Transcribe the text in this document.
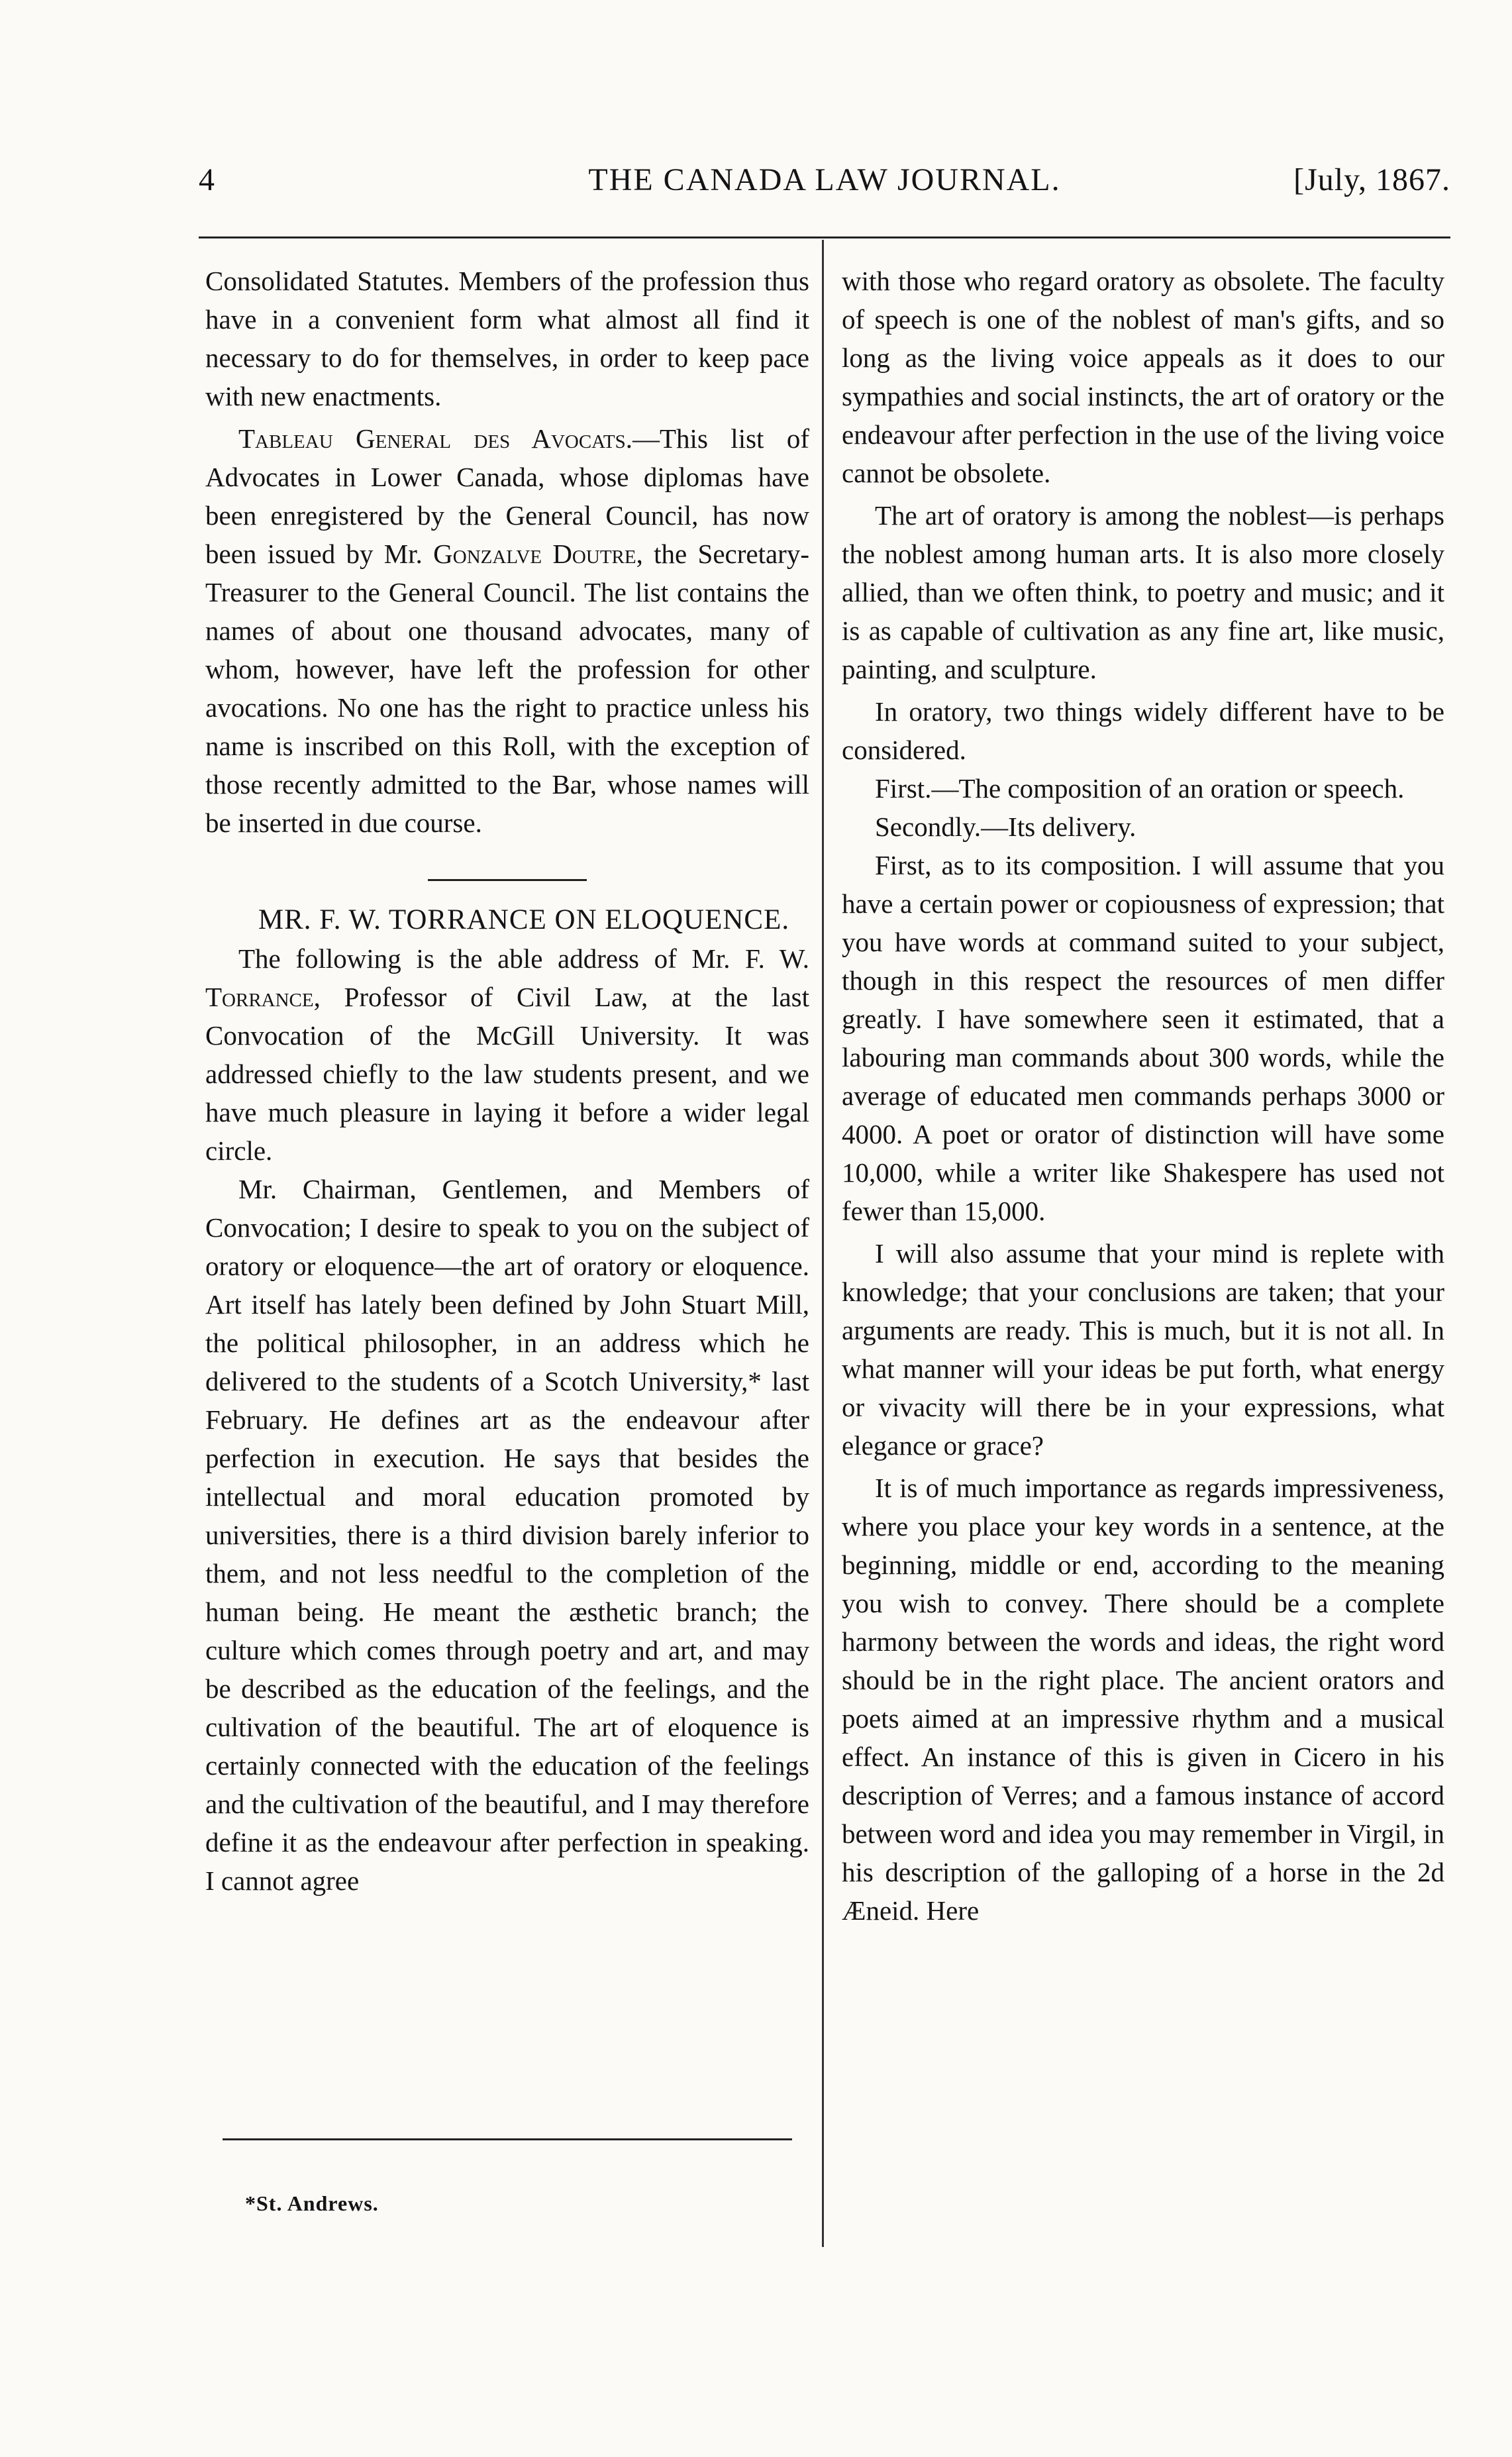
4	THE CANADA LAW JOURNAL.	[July, 1867.

Consolidated Statutes. Members of the profession thus have in a convenient form what almost all find it necessary to do for themselves, in order to keep pace with new enactments.

Tableau General des Avocats.—This list of Advocates in Lower Canada, whose diplomas have been enregistered by the General Council, has now been issued by Mr. Gonzalve Doutre, the Secretary-Treasurer to the General Council. The list contains the names of about one thousand advocates, many of whom, however, have left the profession for other avocations. No one has the right to practice unless his name is inscribed on this Roll, with the exception of those recently admitted to the Bar, whose names will be inserted in due course.

MR. F. W. TORRANCE ON ELOQUENCE.

The following is the able address of Mr. F. W. Torrance, Professor of Civil Law, at the last Convocation of the McGill University. It was addressed chiefly to the law students present, and we have much pleasure in laying it before a wider legal circle.

Mr. Chairman, Gentlemen, and Members of Convocation; I desire to speak to you on the subject of oratory or eloquence—the art of oratory or eloquence. Art itself has lately been defined by John Stuart Mill, the political philosopher, in an address which he delivered to the students of a Scotch University,* last February. He defines art as the endeavour after perfection in execution. He says that besides the intellectual and moral education promoted by universities, there is a third division barely inferior to them, and not less needful to the completion of the human being. He meant the æsthetic branch; the culture which comes through poetry and art, and may be described as the education of the feelings, and the cultivation of the beautiful. The art of eloquence is certainly connected with the education of the feelings and the cultivation of the beautiful, and I may therefore define it as the endeavour after perfection in speaking. I cannot agree

with those who regard oratory as obsolete. The faculty of speech is one of the noblest of man's gifts, and so long as the living voice appeals as it does to our sympathies and social instincts, the art of oratory or the endeavour after perfection in the use of the living voice cannot be obsolete.

The art of oratory is among the noblest—is perhaps the noblest among human arts. It is also more closely allied, than we often think, to poetry and music; and it is as capable of cultivation as any fine art, like music, painting, and sculpture.

In oratory, two things widely different have to be considered.

First.—The composition of an oration or speech.

Secondly.—Its delivery.

First, as to its composition. I will assume that you have a certain power or copiousness of expression; that you have words at command suited to your subject, though in this respect the resources of men differ greatly. I have somewhere seen it estimated, that a labouring man commands about 300 words, while the average of educated men commands perhaps 3000 or 4000. A poet or orator of distinction will have some 10,000, while a writer like Shakespere has used not fewer than 15,000.

I will also assume that your mind is replete with knowledge; that your conclusions are taken; that your arguments are ready. This is much, but it is not all. In what manner will your ideas be put forth, what energy or vivacity will there be in your expressions, what elegance or grace?

It is of much importance as regards impressiveness, where you place your key words in a sentence, at the beginning, middle or end, according to the meaning you wish to convey. There should be a complete harmony between the words and ideas, the right word should be in the right place. The ancient orators and poets aimed at an impressive rhythm and a musical effect. An instance of this is given in Cicero in his description of Verres; and a famous instance of accord between word and idea you may remember in Virgil, in his description of the galloping of a horse in the 2d Æneid. Here

*St. Andrews.
